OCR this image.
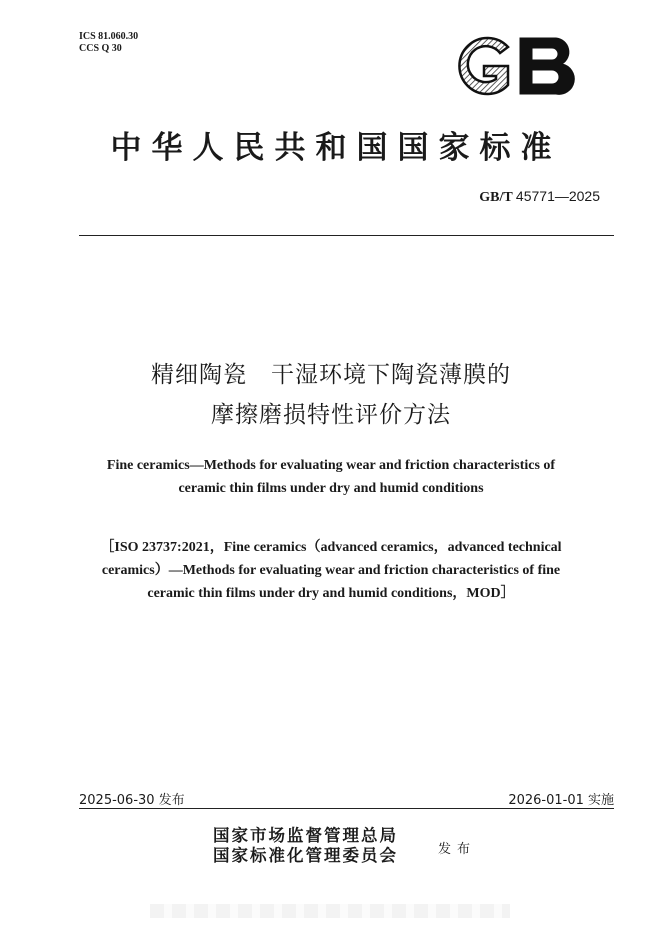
ICS 81.060.30
CCS Q 30
中华人民共和国国家标准
GB/T 45771—2025
精细陶瓷　干湿环境下陶瓷薄膜的
摩擦磨损特性评价方法
Fine ceramics—Methods for evaluating wear and friction characteristics of
ceramic thin films under dry and humid conditions
［ISO 23737:2021，Fine ceramics（advanced ceramics，advanced technical
ceramics）—Methods for evaluating wear and friction characteristics of fine
ceramic thin films under dry and humid conditions，MOD］
2025-06-30 发布	2026-01-01 实施
国家市场监督管理总局
国家标准化管理委员会	发布
